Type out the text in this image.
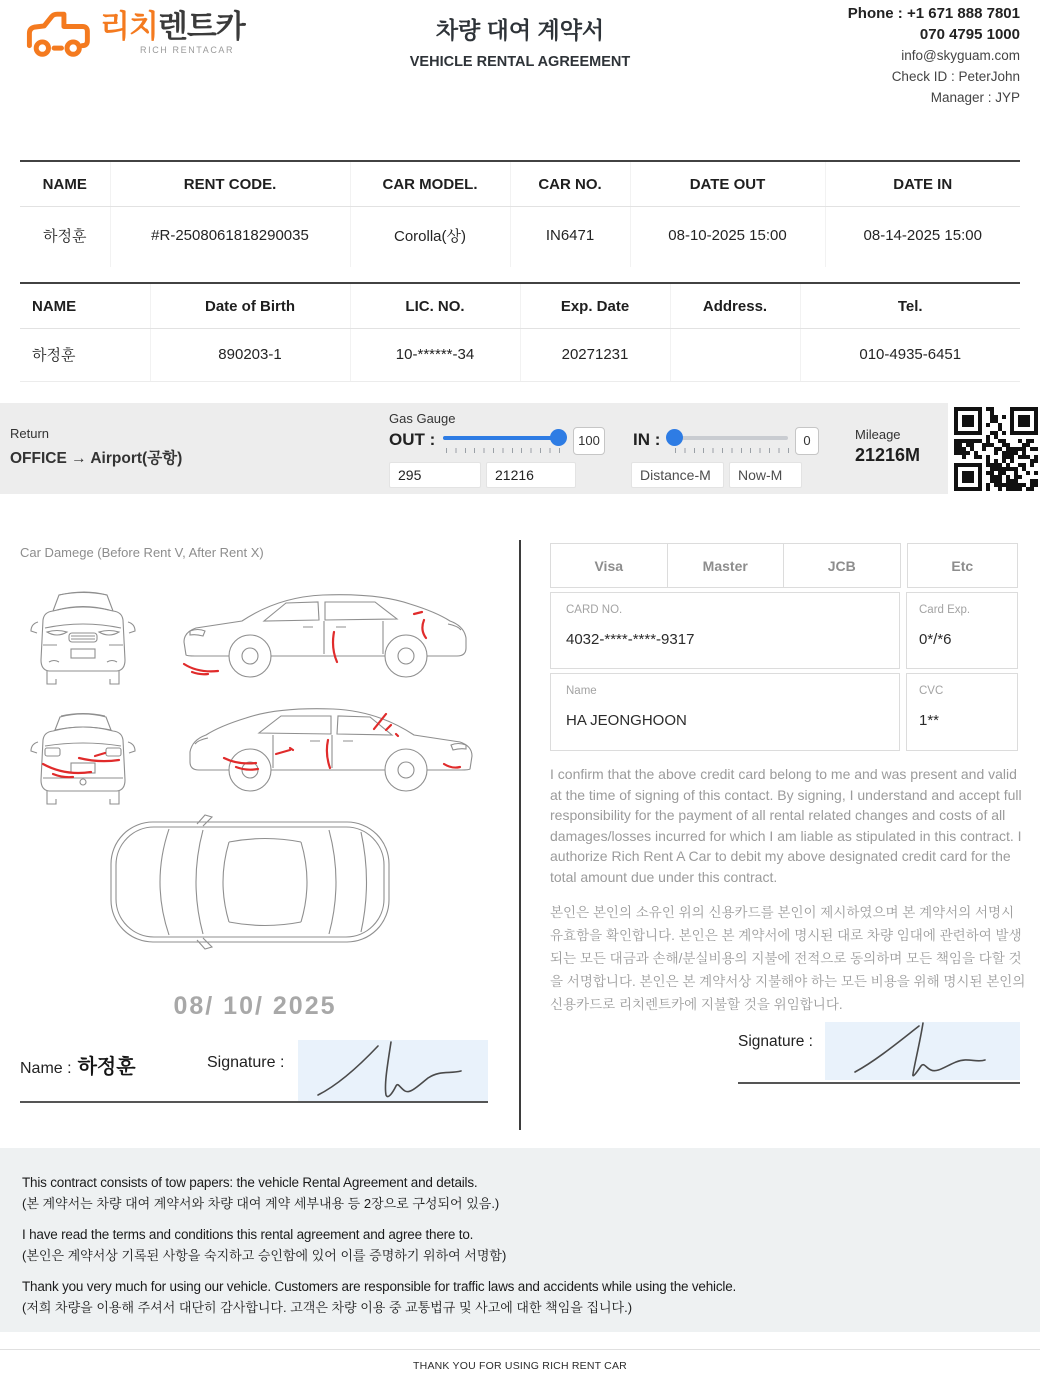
리치렌트카
RICH RENTACAR
차량 대여 계약서
VEHICLE RENTAL AGREEMENT
Phone : +1 671 888 7801
070 4795 1000
info@skyguam.com
Check ID : PeterJohn
Manager : JYP
NAME	RENT CODE.	CAR MODEL.	CAR NO.	DATE OUT	DATE IN
하정훈	#R-2508061818290035	Corolla(상)	IN6471	08-10-2025 15:00	08-14-2025 15:00
NAME	Date of Birth	LIC. NO.	Exp. Date	Address.	Tel.
하정훈	890203-1	10-******-34	20271231		010-4935-6451
Return
OFFICE → Airport(공항)
Gas Gauge
OUT :	100
295
21216	IN :	0
Distance-M
Now-M	Mileage
21216M
Car Damege (Before Rent V, After Rent X)
08/ 10/ 2025
Name : 하정훈	Signature :
Visa	Master	JCB	Etc
CARD NO.
4032-****-****-9317
Card Exp.
0*/*6
Name
HA JEONGHOON
CVC
1**
I confirm that the above credit card belong to me and was present and valid at the time of signing of this contact. By signing, I understand and accept full responsibility for the payment of all rental related changes and costs of all damages/losses incurred for which I am liable as stipulated in this contract. I authorize Rich Rent A Car to debit my above designated credit card for the total amount due under this contract.
본인은 본인의 소유인 위의 신용카드를 본인이 제시하였으며 본 계약서의 서명시 유효함을 확인합니다. 본인은 본 계약서에 명시된 대로 차량 임대에 관련하여 발생되는 모든 대금과 손해/분실비용의 지불에 전적으로 동의하며 모든 책임을 다할 것을 서명합니다. 본인은 본 계약서상 지불해야 하는 모든 비용을 위해 명시된 본인의 신용카드로 리치렌트카에 지불할 것을 위임합니다.
Signature :
This contract consists of tow papers: the vehicle Rental Agreement and details.
(본 계약서는 차량 대여 계약서와 차량 대여 계약 세부내용 등 2장으로 구성되어 있음.)
I have read the terms and conditions this rental agreement and agree there to.
(본인은 계약서상 기록된 사항을 숙지하고 승인함에 있어 이를 증명하기 위하여 서명함)
Thank you very much for using our vehicle. Customers are responsible for traffic laws and accidents while using the vehicle.
(저희 차량을 이용해 주셔서 대단히 감사합니다. 고객은 차량 이용 중 교통법규 및 사고에 대한 책임을 집니다.)
THANK YOU FOR USING RICH RENT CAR
